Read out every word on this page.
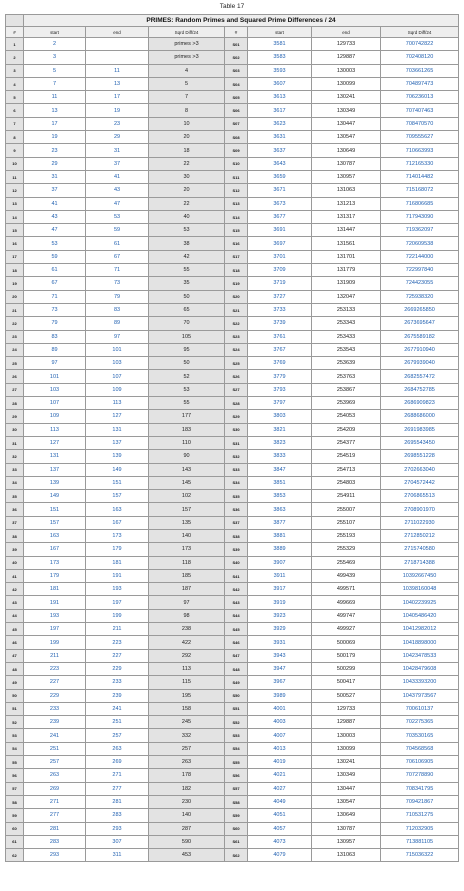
Table 17
	PRIMES: Random Primes and Squared Prime Differences / 24						
#	start	end	Sqrd Diff/24	#	start	end	Sqrd Diff/24
1	2		primes >3	S01	3581	129733	700742822
2	3		primes >3	S02	3583	129887	702408120
3	5	11	4	S03	3593	130003	703661265
4	7	13	5	S04	3607	130099	704897473
5	11	17	7	S05	3613	130241	706236013
6	13	19	8	S06	3617	130349	707407463
7	17	23	10	S07	3623	130447	708470570
8	19	29	20	S08	3631	130547	709555627
9	23	31	18	S09	3637	130649	710663993
10	29	37	22	S10	3643	130787	712165330
11	31	41	30	S11	3659	130957	714014482
12	37	43	20	S12	3671	131063	715168072
13	41	47	22	S13	3673	131213	716806685
14	43	53	40	S14	3677	131317	717943090
15	47	59	53	S15	3691	131447	719362097
16	53	61	38	S16	3697	131561	720609538
17	59	67	42	S17	3701	131701	722144000
18	61	71	55	S18	3709	131779	722997840
19	67	73	35	S19	3719	131909	724423055
20	71	79	50	S20	3727	132047	725938320
21	73	83	65	S21	3733	253133	2669265850
22	79	89	70	S22	3739	253343	2673695647
23	83	97	105	S23	3761	253433	2675589182
24	89	101	95	S24	3767	253543	2677910940
25	97	103	50	S25	3769	253639	2679939040
26	101	107	52	S26	3779	253763	2682557472
27	103	109	53	S27	3793	253867	2684752785
28	107	113	55	S28	3797	253969	2686909823
29	109	127	177	S29	3803	254053	2688686000
30	113	131	183	S30	3821	254209	2691983985
31	127	137	110	S31	3823	254377	2695543450
32	131	139	90	S32	3833	254519	2698551228
33	137	149	143	S33	3847	254713	2702663040
34	139	151	145	S34	3851	254803	2704572442
35	149	157	102	S35	3853	254911	2706865513
36	151	163	157	S36	3863	255007	2708901970
37	157	167	135	S37	3877	255107	2711022930
38	163	173	140	S38	3881	255193	2712850212
39	167	179	173	S39	3889	255329	2715740580
40	173	181	118	S40	3907	255469	2718714388
41	179	191	185	S41	3911	499439	10392667450
42	181	193	187	S42	3917	499571	10398160048
43	191	197	97	S43	3919	499669	10402239925
44	193	199	98	S44	3923	499747	10405486420
45	197	211	238	S45	3929	499927	10412982012
46	199	223	422	S46	3931	500069	10418898000
47	211	227	292	S47	3943	500179	10423478533
48	223	229	113	S48	3947	500299	10428479608
49	227	233	115	S49	3967	500417	10433393200
50	229	239	195	S50	3989	500527	10437973567
51	233	241	158	S51	4001	129733	700610137
52	239	251	245	S52	4003	129887	702275365
53	241	257	332	S53	4007	130003	703530165
54	251	263	257	S54	4013	130099	704568568
55	257	269	263	S55	4019	130241	706106905
56	263	271	178	S56	4021	130349	707278890
57	269	277	182	S57	4027	130447	708341795
58	271	281	230	S58	4049	130547	709421867
59	277	283	140	S59	4051	130649	710531275
60	281	293	287	S60	4057	130787	712032905
61	283	307	590	S61	4073	130957	713881105
62	293	311	453	S62	4079	131063	715036322
